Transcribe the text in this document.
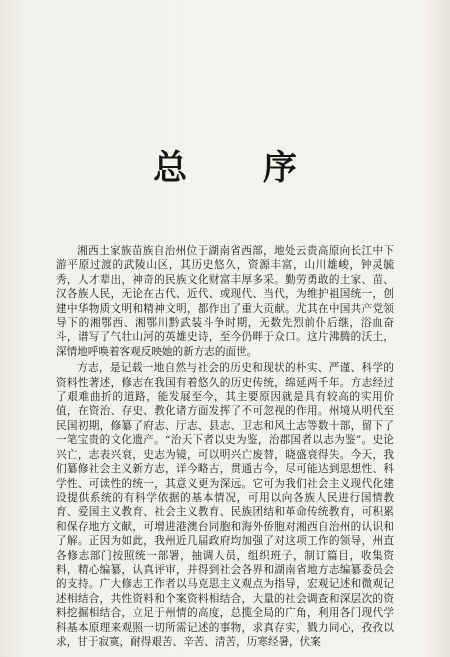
总 序

湘西土家族苗族自治州位于湖南省西部，地处云贵高原向长江中下游平原过渡的武陵山区，其历史悠久，资源丰富，山川雄峻，钟灵毓秀，人才辈出，神奇的民族文化财富丰厚多采。勤劳勇敢的土家、苗、汉各族人民，无论在古代、近代、或现代、当代，为维护祖国统一，创建中华物质文明和精神文明，都作出了重大贡献。尤其在中国共产党领导下的湘鄂西、湘鄂川黔武装斗争时期，无数先烈前仆后继，浴血奋斗，谱写了气壮山河的英雄史诗，至今仍畔于众口。这片沸腾的沃土，深情地呼唤着客观反映她的新方志的面世。

方志，是记载一地自然与社会的历史和现状的朴实、严谨、科学的资料性著述，修志在我国有着悠久的历史传统，绵延两千年。方志经过了艰难曲折的道路，能发展至今，其主要原因就是具有较高的实用价值，在资治、存史、教化诸方面发挥了不可忽视的作用。州境从明代至民国初期，修纂了府志、厅志、县志、卫志和风土志等数十部，留下了一笔宝贵的文化遗产。“治天下者以史为鉴，治郡国者以志为鉴”。史论兴亡，志表兴衰，史志为镜，可以明兴亡废替，晓盛衰得失。今天，我们纂修社会主义新方志，详今略古，贯通古今，尽可能达到思想性、科学性、可读性的统一，其意义更为深远。它可为我们社会主义现代化建设提供系统的有科学依据的基本情况，可用以向各族人民进行国情教育、爱国主义教育、社会主义教育、民族团结和革命传统教育，可积累和保存地方文献，可增进港澳台同胞和海外侨胞对湘西自治州的认识和了解。正因为如此，我州近几届政府均加强了对这项工作的领导，州直各修志部门按照统一部署，抽调人员，组织班子，制订篇目，收集资料，精心编纂，认真评审，并得到社会各界和湖南省地方志编纂委员会的支持。广大修志工作者以马克思主义观点为指导，宏观记述和微观记述相结合，共性资料和个案资料相结合，大量的社会调查和深层次的资料挖掘相结合，立足于州情的高度，总揽全局的广角，利用各门现代学科基本原理来观照一切所需记述的事物，求真存实，戮力同心，孜孜以求，甘于寂寞，耐得艰苦、辛苦、清苦，历寒经暑，伏案
